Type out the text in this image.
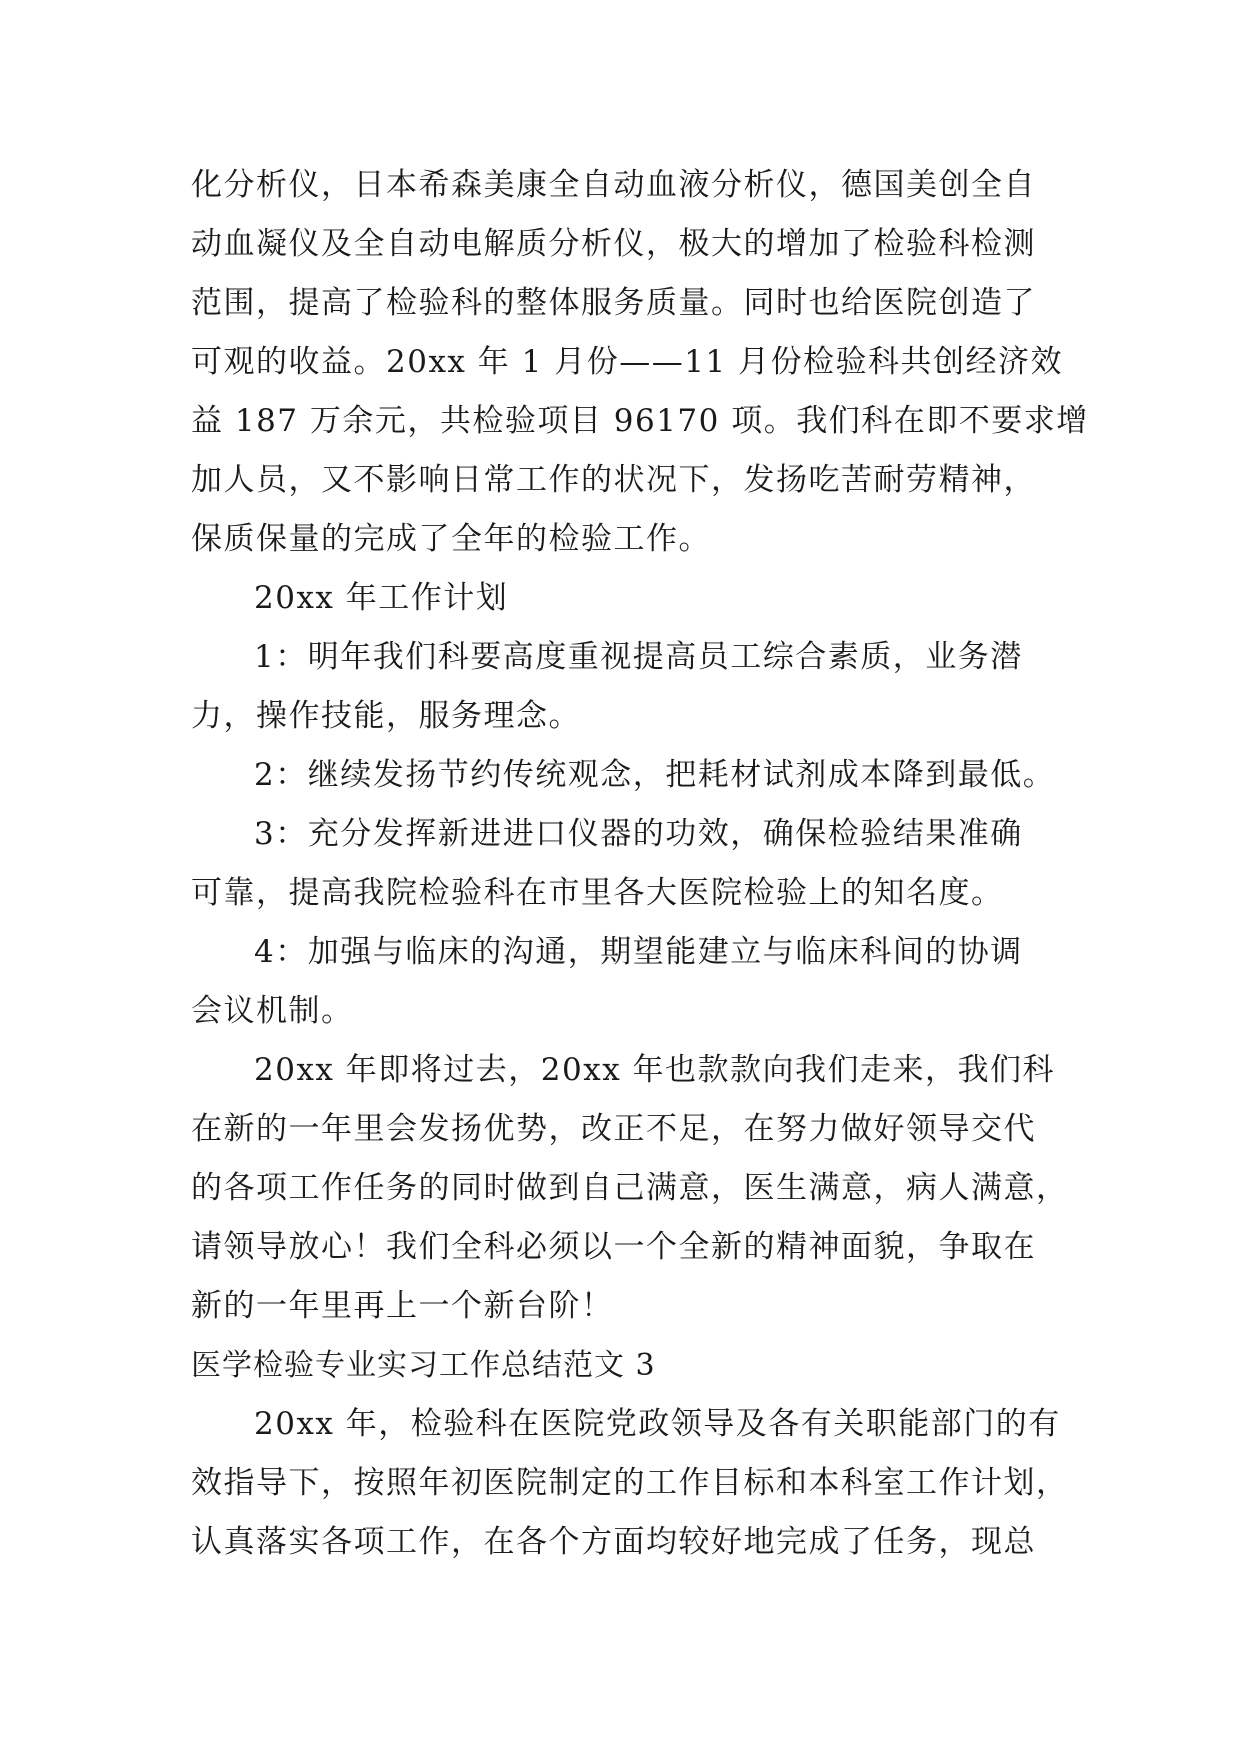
化分析仪，日本希森美康全自动血液分析仪，德国美创全自
动血凝仪及全自动电解质分析仪，极大的增加了检验科检测
范围，提高了检验科的整体服务质量。同时也给医院创造了
可观的收益。20xx 年 1 月份——11 月份检验科共创经济效
益 187 万余元，共检验项目 96170 项。我们科在即不要求增
加人员，又不影响日常工作的状况下，发扬吃苦耐劳精神，
保质保量的完成了全年的检验工作。
20xx 年工作计划
1：明年我们科要高度重视提高员工综合素质，业务潜
力，操作技能，服务理念。
2：继续发扬节约传统观念，把耗材试剂成本降到最低。
3：充分发挥新进进口仪器的功效，确保检验结果准确
可靠，提高我院检验科在市里各大医院检验上的知名度。
4：加强与临床的沟通，期望能建立与临床科间的协调
会议机制。
20xx 年即将过去，20xx 年也款款向我们走来，我们科
在新的一年里会发扬优势，改正不足，在努力做好领导交代
的各项工作任务的同时做到自己满意，医生满意，病人满意，
请领导放心！我们全科必须以一个全新的精神面貌，争取在
新的一年里再上一个新台阶！
医学检验专业实习工作总结范文 3
20xx 年，检验科在医院党政领导及各有关职能部门的有
效指导下，按照年初医院制定的工作目标和本科室工作计划，
认真落实各项工作，在各个方面均较好地完成了任务，现总
